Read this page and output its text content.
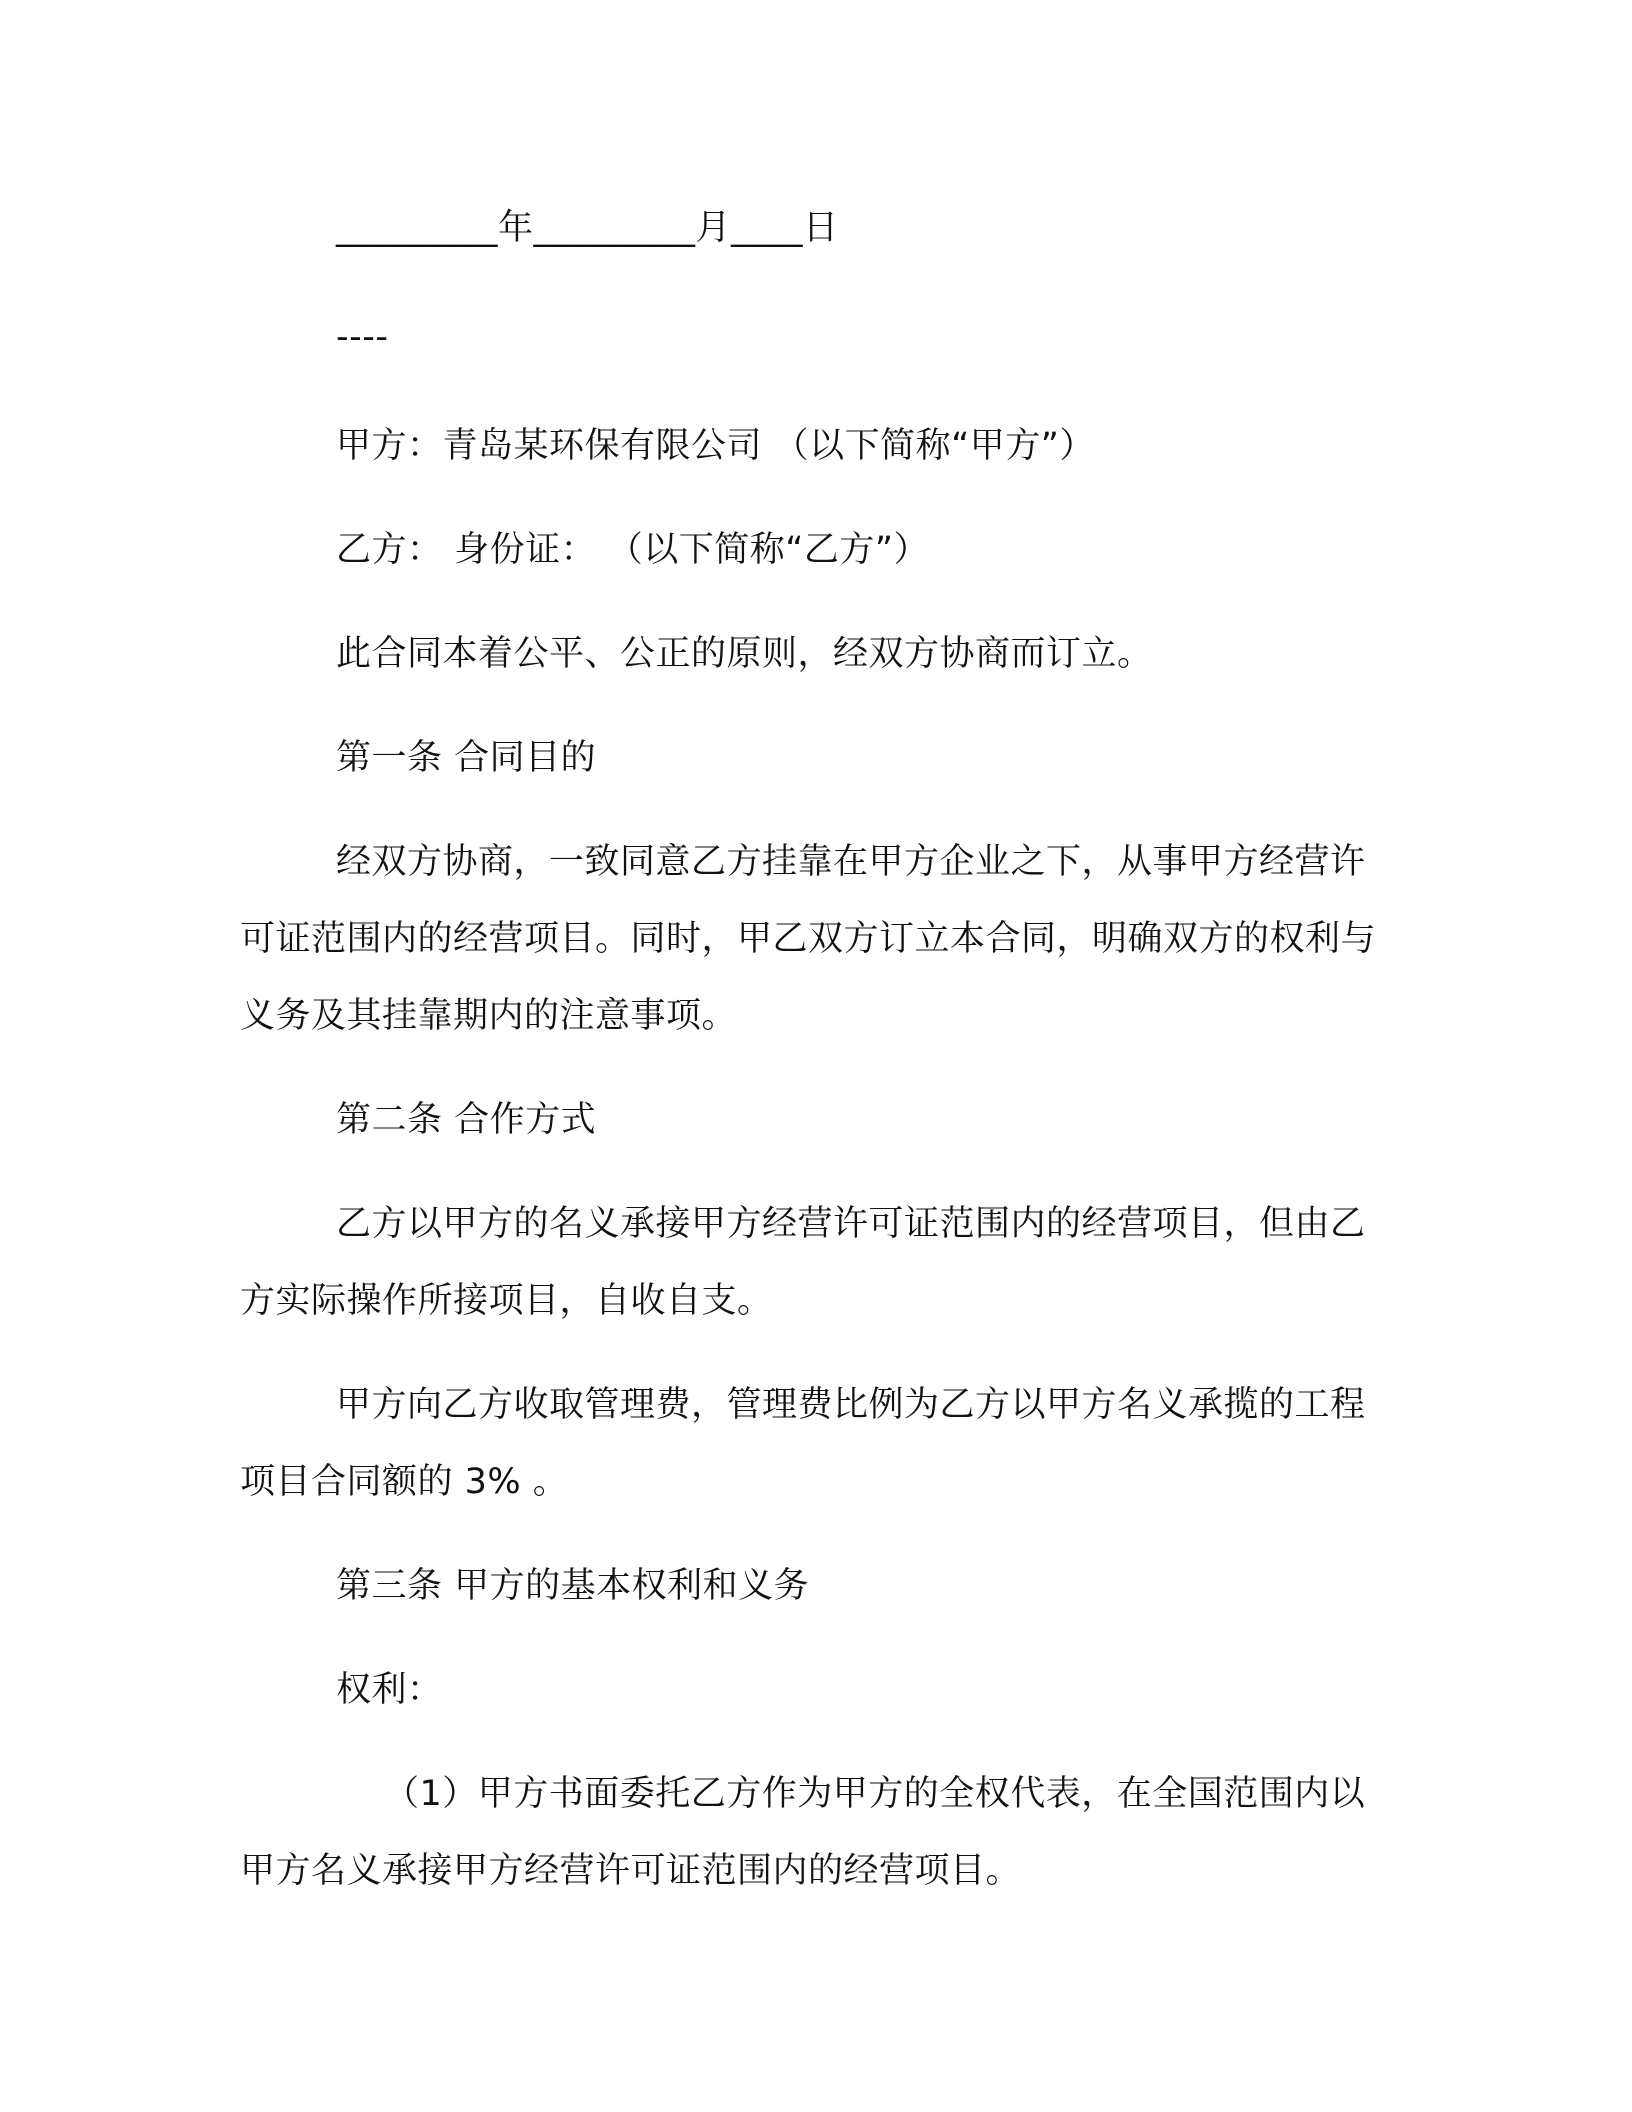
_________年_________月____日

----

甲方：青岛某环保有限公司 （以下简称“甲方”）

乙方： 身份证： （以下简称“乙方”）

此合同本着公平、公正的原则，经双方协商而订立。

第一条 合同目的

经双方协商，一致同意乙方挂靠在甲方企业之下，从事甲方经营许可证范围内的经营项目。同时，甲乙双方订立本合同，明确双方的权利与义务及其挂靠期内的注意事项。

第二条 合作方式

乙方以甲方的名义承接甲方经营许可证范围内的经营项目，但由乙方实际操作所接项目，自收自支。

甲方向乙方收取管理费，管理费比例为乙方以甲方名义承揽的工程项目合同额的 3% 。

第三条 甲方的基本权利和义务

权利：

（1）甲方书面委托乙方作为甲方的全权代表，在全国范围内以甲方名义承接甲方经营许可证范围内的经营项目。
